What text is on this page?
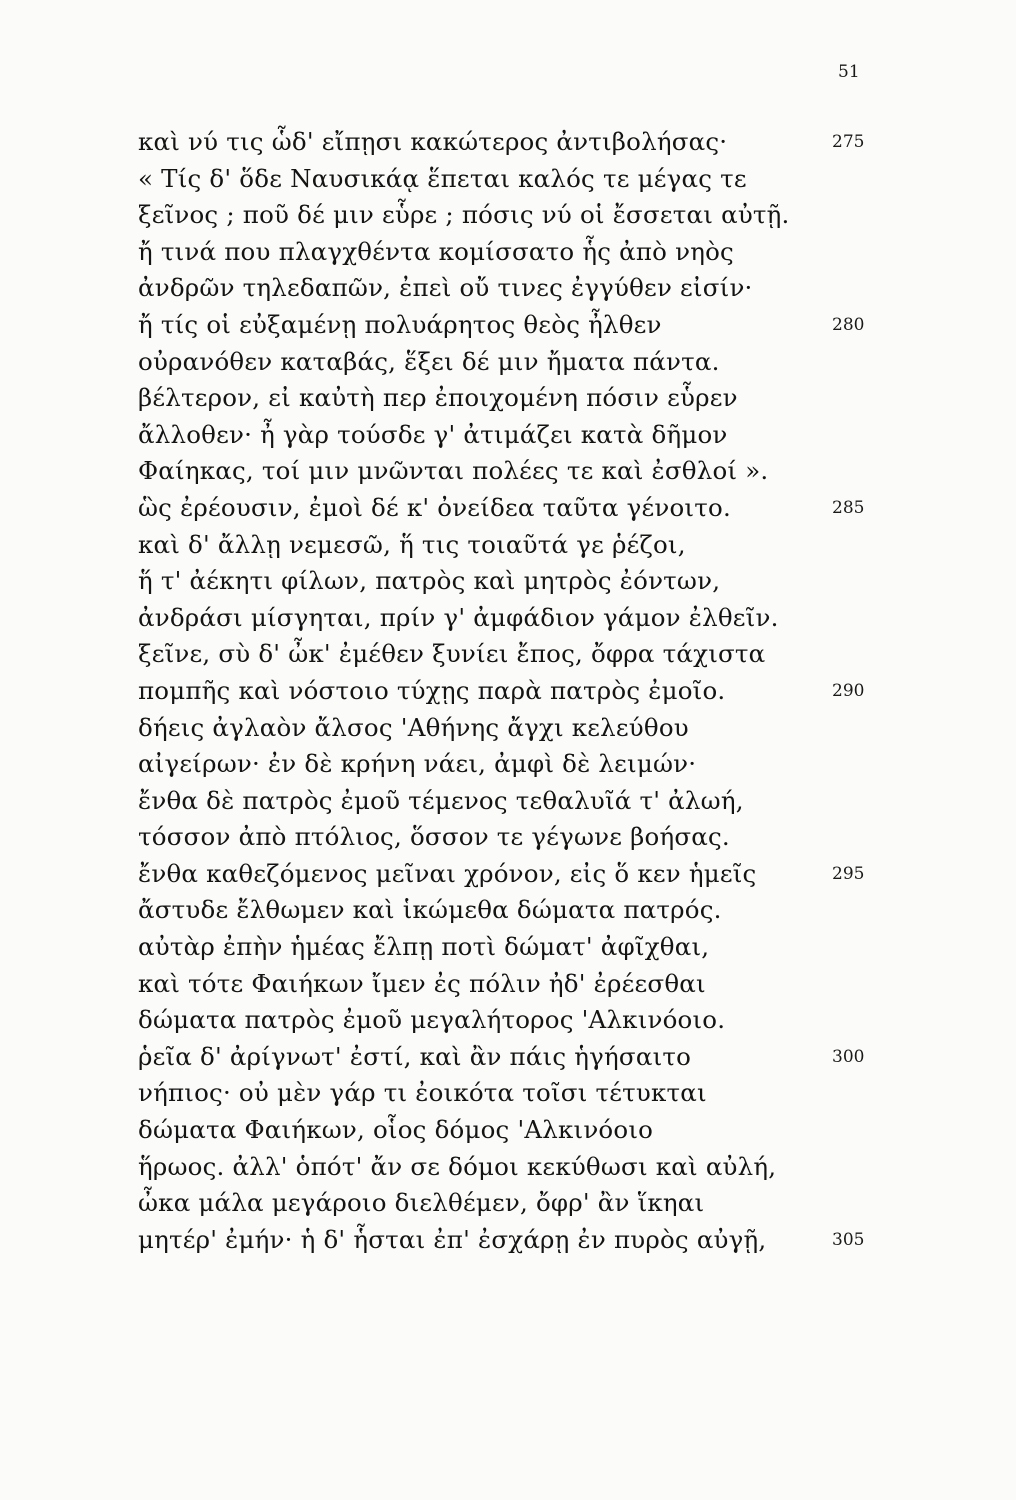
51
καὶ νύ τις ὧδ' εἴπῃσι κακώτερος ἀντιβολήσας·	275
« Τίς δ' ὅδε Ναυσικάᾳ ἕπεται καλός τε μέγας τε
ξεῖνος ; ποῦ δέ μιν εὗρε ; πόσις νύ οἱ ἔσσεται αὐτῇ.
ἤ τινά που πλαγχθέντα κομίσσατο ἧς ἀπὸ νηὸς
ἀνδρῶν τηλεδαπῶν, ἐπεὶ οὔ τινες ἐγγύθεν εἰσίν·
ἤ τίς οἱ εὐξαμένῃ πολυάρητος θεὸς ἦλθεν	280
οὐρανόθεν καταβάς, ἕξει δέ μιν ἤματα πάντα.
βέλτερον, εἰ καὐτὴ περ ἐποιχομένη πόσιν εὗρεν
ἄλλοθεν· ἦ γὰρ τούσδε γ' ἀτιμάζει κατὰ δῆμον
Φαίηκας, τοί μιν μνῶνται πολέες τε καὶ ἐσθλοί ».
ὣς ἐρέουσιν, ἐμοὶ δέ κ' ὀνείδεα ταῦτα γένοιτο.	285
καὶ δ' ἄλλῃ νεμεσῶ, ἥ τις τοιαῦτά γε ῥέζοι,
ἥ τ' ἀέκητι φίλων, πατρὸς καὶ μητρὸς ἐόντων,
ἀνδράσι μίσγηται, πρίν γ' ἀμφάδιον γάμον ἐλθεῖν.
ξεῖνε, σὺ δ' ὦκ' ἐμέθεν ξυνίει ἔπος, ὄφρα τάχιστα
πομπῆς καὶ νόστοιο τύχῃς παρὰ πατρὸς ἐμοῖο.	290
δήεις ἀγλαὸν ἄλσος 'Αθήνης ἄγχι κελεύθου
αἰγείρων· ἐν δὲ κρήνη νάει, ἀμφὶ δὲ λειμών·
ἔνθα δὲ πατρὸς ἐμοῦ τέμενος τεθαλυῖά τ' ἀλωή,
τόσσον ἀπὸ πτόλιος, ὅσσον τε γέγωνε βοήσας.
ἔνθα καθεζόμενος μεῖναι χρόνον, εἰς ὅ κεν ἡμεῖς	295
ἄστυδε ἔλθωμεν καὶ ἱκώμεθα δώματα πατρός.
αὐτὰρ ἐπὴν ἡμέας ἔλπῃ ποτὶ δώματ' ἀφῖχθαι,
καὶ τότε Φαιήκων ἴμεν ἐς πόλιν ἠδ' ἐρέεσθαι
δώματα πατρὸς ἐμοῦ μεγαλήτορος 'Αλκινόοιο.
ῥεῖα δ' ἀρίγνωτ' ἐστί, καὶ ἂν πάις ἡγήσαιτο	300
νήπιος· οὐ μὲν γάρ τι ἐοικότα τοῖσι τέτυκται
δώματα Φαιήκων, οἷος δόμος 'Αλκινόοιο
ἥρωος. ἀλλ' ὁπότ' ἄν σε δόμοι κεκύθωσι καὶ αὐλή,
ὦκα μάλα μεγάροιο διελθέμεν, ὄφρ' ἂν ἵκηαι
μητέρ' ἐμήν· ἡ δ' ἧσται ἐπ' ἐσχάρῃ ἐν πυρὸς αὐγῇ,	305
